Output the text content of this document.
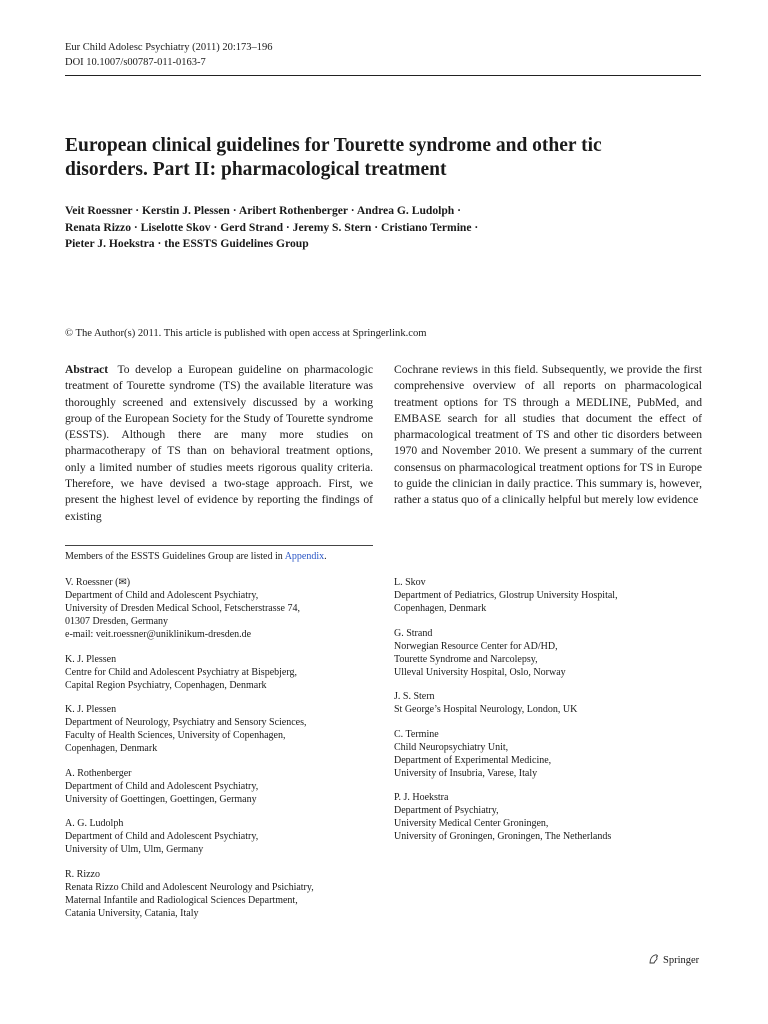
Eur Child Adolesc Psychiatry (2011) 20:173–196
DOI 10.1007/s00787-011-0163-7
European clinical guidelines for Tourette syndrome and other tic
disorders. Part II: pharmacological treatment
Veit Roessner · Kerstin J. Plessen · Aribert Rothenberger · Andrea G. Ludolph ·
Renata Rizzo · Liselotte Skov · Gerd Strand · Jeremy S. Stern · Cristiano Termine ·
Pieter J. Hoekstra · the ESSTS Guidelines Group
© The Author(s) 2011. This article is published with open access at Springerlink.com
Abstract To develop a European guideline on pharmacologic treatment of Tourette syndrome (TS) the available literature was thoroughly screened and extensively discussed by a working group of the European Society for the Study of Tourette syndrome (ESSTS). Although there are many more studies on pharmacotherapy of TS than on behavioral treatment options, only a limited number of studies meets rigorous quality criteria. Therefore, we have devised a two-stage approach. First, we present the highest level of evidence by reporting the findings of existing
Cochrane reviews in this field. Subsequently, we provide the first comprehensive overview of all reports on pharmacological treatment options for TS through a MEDLINE, PubMed, and EMBASE search for all studies that document the effect of pharmacological treatment of TS and other tic disorders between 1970 and November 2010. We present a summary of the current consensus on pharmacological treatment options for TS in Europe to guide the clinician in daily practice. This summary is, however, rather a status quo of a clinically helpful but merely low evidence
Members of the ESSTS Guidelines Group are listed in Appendix.
V. Roessner (✉)
Department of Child and Adolescent Psychiatry,
University of Dresden Medical School, Fetscherstrasse 74,
01307 Dresden, Germany
e-mail: veit.roessner@uniklinikum-dresden.de
K. J. Plessen
Centre for Child and Adolescent Psychiatry at Bispebjerg,
Capital Region Psychiatry, Copenhagen, Denmark
K. J. Plessen
Department of Neurology, Psychiatry and Sensory Sciences,
Faculty of Health Sciences, University of Copenhagen,
Copenhagen, Denmark
A. Rothenberger
Department of Child and Adolescent Psychiatry,
University of Goettingen, Goettingen, Germany
A. G. Ludolph
Department of Child and Adolescent Psychiatry,
University of Ulm, Ulm, Germany
R. Rizzo
Renata Rizzo Child and Adolescent Neurology and Psichiatry,
Maternal Infantile and Radiological Sciences Department,
Catania University, Catania, Italy
L. Skov
Department of Pediatrics, Glostrup University Hospital,
Copenhagen, Denmark
G. Strand
Norwegian Resource Center for AD/HD,
Tourette Syndrome and Narcolepsy,
Ulleval University Hospital, Oslo, Norway
J. S. Stern
St George’s Hospital Neurology, London, UK
C. Termine
Child Neuropsychiatry Unit,
Department of Experimental Medicine,
University of Insubria, Varese, Italy
P. J. Hoekstra
Department of Psychiatry,
University Medical Center Groningen,
University of Groningen, Groningen, The Netherlands
Springer
